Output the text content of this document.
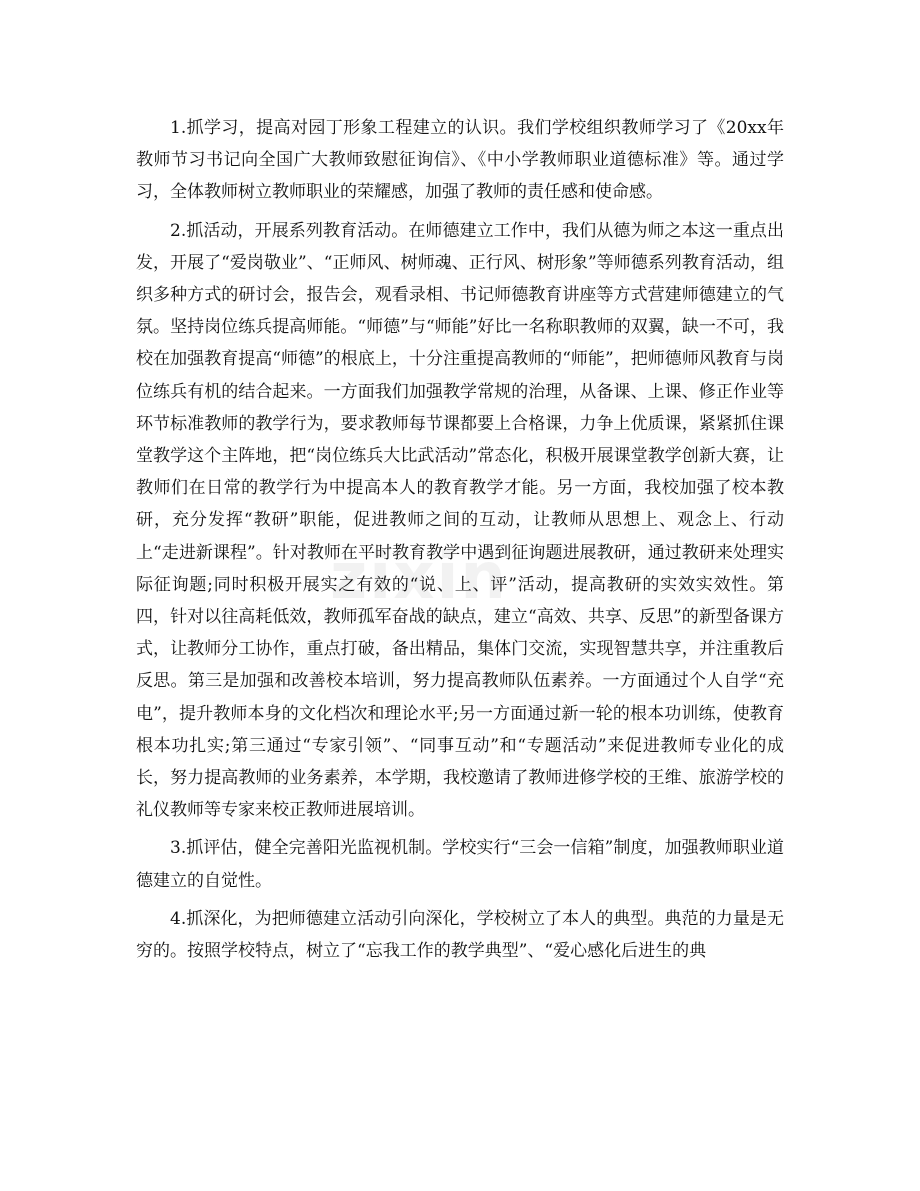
zixin

1.抓学习，提高对园丁形象工程建立的认识。我们学校组织教师学习了《20xx年教师节习书记向全国广大教师致慰征询信》、《中小学教师职业道德标准》等。通过学习，全体教师树立教师职业的荣耀感，加强了教师的责任感和使命感。

2.抓活动，开展系列教育活动。在师德建立工作中，我们从德为师之本这一重点出发，开展了“爱岗敬业”、“正师风、树师魂、正行风、树形象”等师德系列教育活动，组织多种方式的研讨会，报告会，观看录相、书记师德教育讲座等方式营建师德建立的气氛。坚持岗位练兵提高师能。“师德”与“师能”好比一名称职教师的双翼，缺一不可，我校在加强教育提高“师德”的根底上，十分注重提高教师的“师能”，把师德师风教育与岗位练兵有机的结合起来。一方面我们加强教学常规的治理，从备课、上课、修正作业等环节标准教师的教学行为，要求教师每节课都要上合格课，力争上优质课，紧紧抓住课堂教学这个主阵地，把“岗位练兵大比武活动”常态化，积极开展课堂教学创新大赛，让教师们在日常的教学行为中提高本人的教育教学才能。另一方面，我校加强了校本教研，充分发挥“教研”职能，促进教师之间的互动，让教师从思想上、观念上、行动上“走进新课程”。针对教师在平时教育教学中遇到征询题进展教研，通过教研来处理实际征询题;同时积极开展实之有效的“说、上、评”活动，提高教研的实效实效性。第四，针对以往高耗低效，教师孤军奋战的缺点，建立“高效、共享、反思”的新型备课方式，让教师分工协作，重点打破，备出精品，集体门交流，实现智慧共享，并注重教后反思。第三是加强和改善校本培训，努力提高教师队伍素养。一方面通过个人自学“充电”，提升教师本身的文化档次和理论水平;另一方面通过新一轮的根本功训练，使教育根本功扎实;第三通过“专家引领”、“同事互动”和“专题活动”来促进教师专业化的成长，努力提高教师的业务素养，本学期，我校邀请了教师进修学校的王维、旅游学校的礼仪教师等专家来校正教师进展培训。

3.抓评估，健全完善阳光监视机制。学校实行“三会一信箱”制度，加强教师职业道德建立的自觉性。

4.抓深化，为把师德建立活动引向深化，学校树立了本人的典型。典范的力量是无穷的。按照学校特点，树立了“忘我工作的教学典型”、“爱心感化后进生的典
